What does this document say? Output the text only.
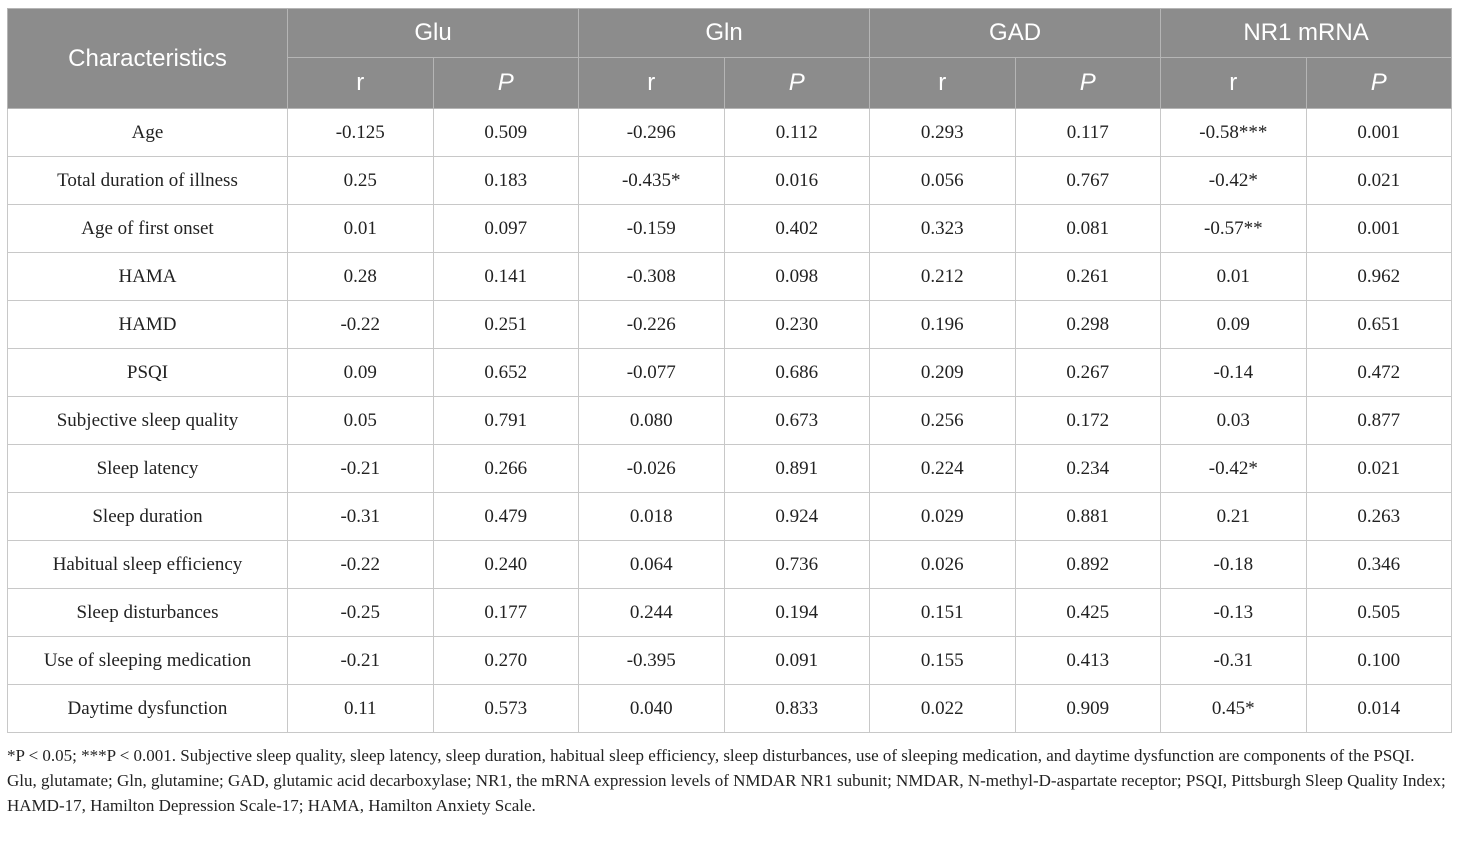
Characteristics	Glu		Gln		GAD		NR1 mRNA	
	r	P	r	P	r	P	r	P
Age	-0.125	0.509	-0.296	0.112	0.293	0.117	-0.58***	0.001
Total duration of illness	0.25	0.183	-0.435*	0.016	0.056	0.767	-0.42*	0.021
Age of first onset	0.01	0.097	-0.159	0.402	0.323	0.081	-0.57**	0.001
HAMA	0.28	0.141	-0.308	0.098	0.212	0.261	0.01	0.962
HAMD	-0.22	0.251	-0.226	0.230	0.196	0.298	0.09	0.651
PSQI	0.09	0.652	-0.077	0.686	0.209	0.267	-0.14	0.472
Subjective sleep quality	0.05	0.791	0.080	0.673	0.256	0.172	0.03	0.877
Sleep latency	-0.21	0.266	-0.026	0.891	0.224	0.234	-0.42*	0.021
Sleep duration	-0.31	0.479	0.018	0.924	0.029	0.881	0.21	0.263
Habitual sleep efficiency	-0.22	0.240	0.064	0.736	0.026	0.892	-0.18	0.346
Sleep disturbances	-0.25	0.177	0.244	0.194	0.151	0.425	-0.13	0.505
Use of sleeping medication	-0.21	0.270	-0.395	0.091	0.155	0.413	-0.31	0.100
Daytime dysfunction	0.11	0.573	0.040	0.833	0.022	0.909	0.45*	0.014

*P < 0.05; ***P < 0.001. Subjective sleep quality, sleep latency, sleep duration, habitual sleep efficiency, sleep disturbances, use of sleeping medication, and daytime dysfunction are components of the PSQI.

Glu, glutamate; Gln, glutamine; GAD, glutamic acid decarboxylase; NR1, the mRNA expression levels of NMDAR NR1 subunit; NMDAR, N-methyl-D-aspartate receptor; PSQI, Pittsburgh Sleep Quality Index; HAMD-17, Hamilton Depression Scale-17; HAMA, Hamilton Anxiety Scale.
